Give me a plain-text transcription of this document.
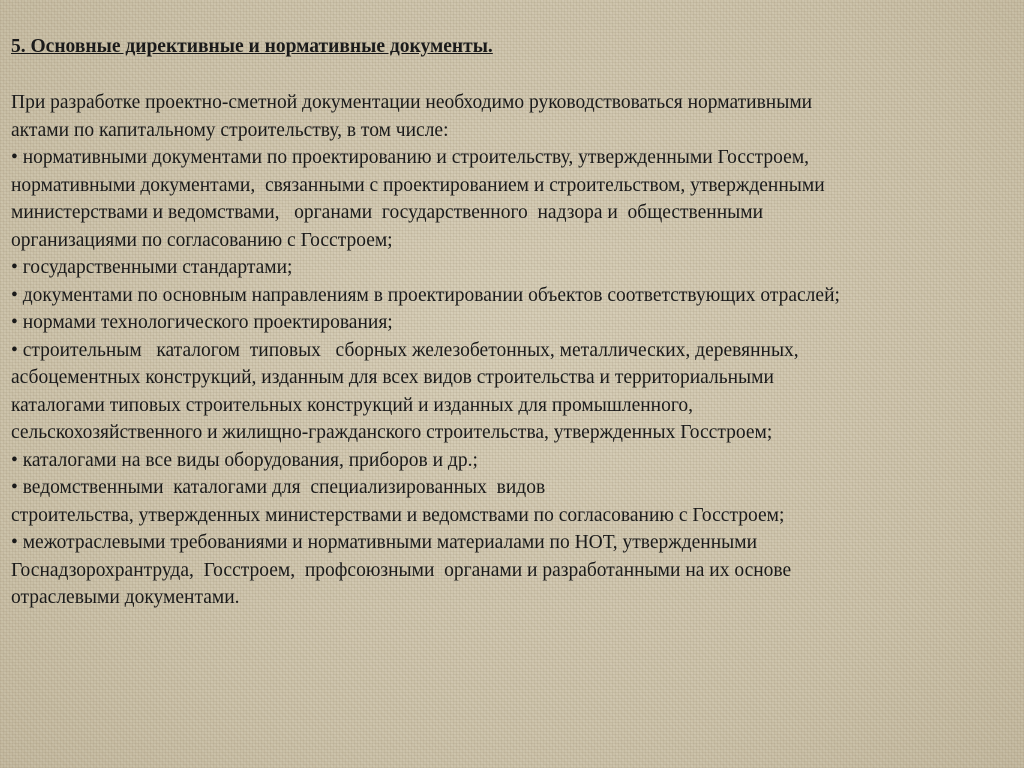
5. Основные директивные и нормативные документы.
При разработке проектно-сметной документации необходимо руководствоваться нормативными
актами по капитальному строительству, в том числе:
• нормативными документами по проектированию и строительству, утвержденными Госстроем,
нормативными документами,  связанными с проектированием и строительством, утвержденными
министерствами и ведомствами,   органами  государственного  надзора и  общественными
организациями по согласованию с Госстроем;
• государственными стандартами;
• документами по основным направлениям в проектировании объектов соответствующих отраслей;
• нормами технологического проектирования;
• строительным   каталогом  типовых   сборных железобетонных, металлических, деревянных,
асбоцементных конструкций, изданным для всех видов строительства и территориальными
каталогами типовых строительных конструкций и изданных для промышленного,
сельскохозяйственного и жилищно-гражданского строительства, утвержденных Госстроем;
• каталогами на все виды оборудования, приборов и др.;
• ведомственными  каталогами для  специализированных  видов
строительства, утвержденных министерствами и ведомствами по согласованию с Госстроем;
• межотраслевыми требованиями и нормативными материалами по НОТ, утвержденными
Госнадзорохрантруда,  Госстроем,  профсоюзными  органами и разработанными на их основе
отраслевыми документами.
